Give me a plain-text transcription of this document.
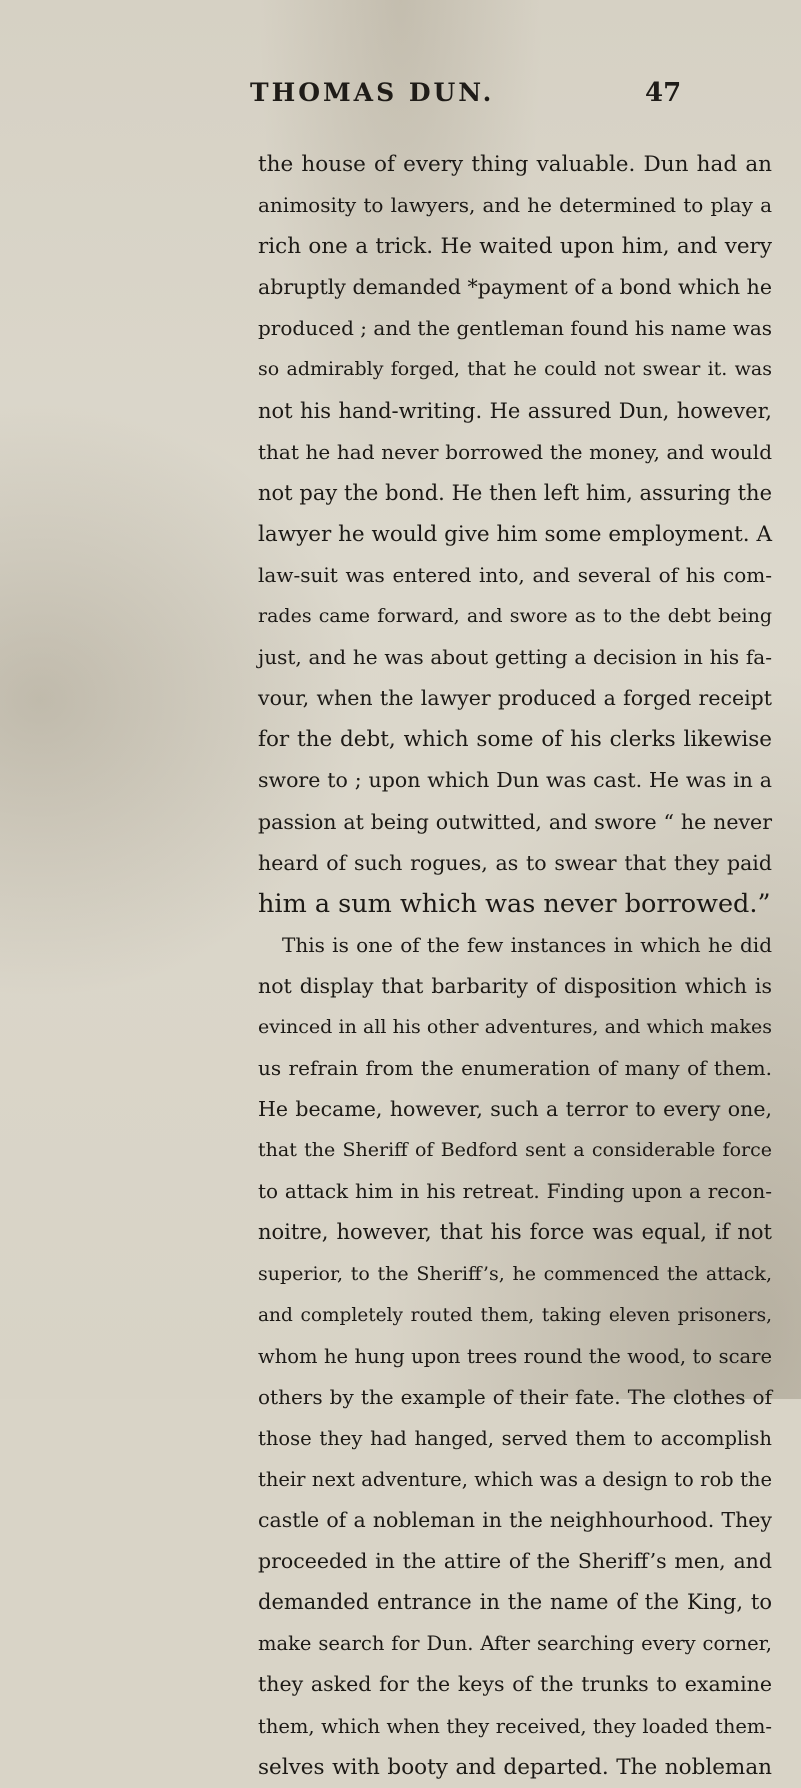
THOMAS DUN.	47
the house of every thing valuable. Dun had an
animosity to lawyers, and he determined to play a
rich one a trick. He waited upon him, and very
abruptly demanded *payment of a bond which he
produced ; and the gentleman found his name was
so admirably forged, that he could not swear it. was
not his hand-writing. He assured Dun, however,
that he had never borrowed the money, and would
not pay the bond. He then left him, assuring the
lawyer he would give him some employment. A
law-suit was entered into, and several of his com-
rades came forward, and swore as to the debt being
just, and he was about getting a decision in his fa-
vour, when the lawyer produced a forged receipt
for the debt, which some of his clerks likewise
swore to ; upon which Dun was cast. He was in a
passion at being outwitted, and swore “ he never
heard of such rogues, as to swear that they paid
him a sum which was never borrowed.”
This is one of the few instances in which he did
not display that barbarity of disposition which is
evinced in all his other adventures, and which makes
us refrain from the enumeration of many of them.
He became, however, such a terror to every one,
that the Sheriff of Bedford sent a considerable force
to attack him in his retreat. Finding upon a recon-
noitre, however, that his force was equal, if not
superior, to the Sheriff’s, he commenced the attack,
and completely routed them, taking eleven prisoners,
whom he hung upon trees round the wood, to scare
others by the example of their fate. The clothes of
those they had hanged, served them to accomplish
their next adventure, which was a design to rob the
castle of a nobleman in the neighhourhood. They
proceeded in the attire of the Sheriff’s men, and
demanded entrance in the name of the King, to
make search for Dun. After searching every corner,
they asked for the keys of the trunks to examine
them, which when they received, they loaded them-
selves with booty and departed. The nobleman
